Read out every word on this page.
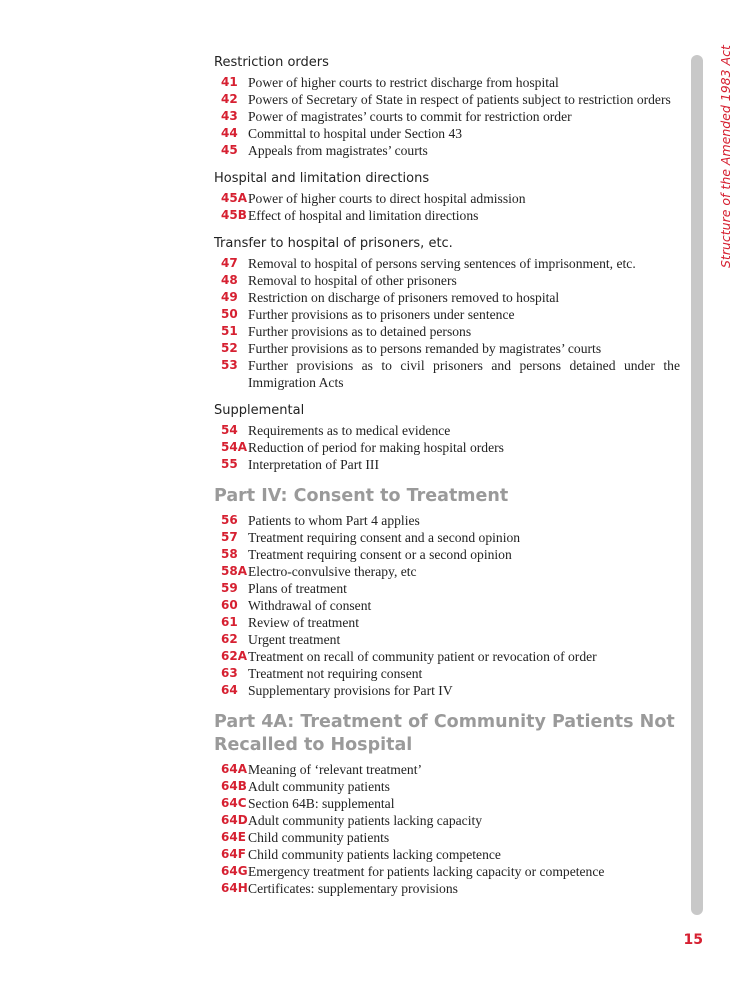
Restriction orders
41 Power of higher courts to restrict discharge from hospital
42 Powers of Secretary of State in respect of patients subject to restriction orders
43 Power of magistrates’ courts to commit for restriction order
44 Committal to hospital under Section 43
45 Appeals from magistrates’ courts
Hospital and limitation directions
45A Power of higher courts to direct hospital admission
45B Effect of hospital and limitation directions
Transfer to hospital of prisoners, etc.
47 Removal to hospital of persons serving sentences of imprisonment, etc.
48 Removal to hospital of other prisoners
49 Restriction on discharge of prisoners removed to hospital
50 Further provisions as to prisoners under sentence
51 Further provisions as to detained persons
52 Further provisions as to persons remanded by magistrates’ courts
53 Further provisions as to civil prisoners and persons detained under the Immigration Acts
Supplemental
54 Requirements as to medical evidence
54A Reduction of period for making hospital orders
55 Interpretation of Part III
Part IV: Consent to Treatment
56 Patients to whom Part 4 applies
57 Treatment requiring consent and a second opinion
58 Treatment requiring consent or a second opinion
58A Electro-convulsive therapy, etc
59 Plans of treatment
60 Withdrawal of consent
61 Review of treatment
62 Urgent treatment
62A Treatment on recall of community patient or revocation of order
63 Treatment not requiring consent
64 Supplementary provisions for Part IV
Part 4A: Treatment of Community Patients Not Recalled to Hospital
64A Meaning of ‘relevant treatment’
64B Adult community patients
64C Section 64B: supplemental
64D Adult community patients lacking capacity
64E Child community patients
64F Child community patients lacking competence
64G Emergency treatment for patients lacking capacity or competence
64H Certificates: supplementary provisions
Structure of the Amended 1983 Act
15
